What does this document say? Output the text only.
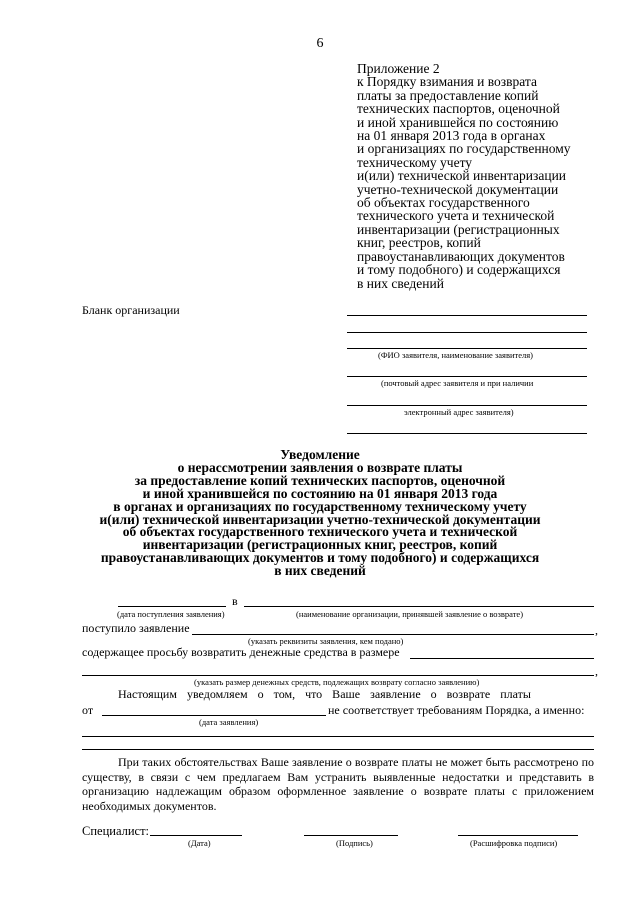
6
Приложение 2
к Порядку взимания и возврата
платы за предоставление копий
технических паспортов, оценочной
и иной хранившейся по состоянию
на 01 января 2013 года в органах
и организациях по государственному
техническому учету
и(или) технической инвентаризации
учетно-технической документации
об объектах государственного
технического учета и технической
инвентаризации (регистрационных
книг, реестров, копий
правоустанавливающих документов
и тому подобного) и содержащихся
в них сведений
Бланк организации
(ФИО заявителя, наименование заявителя)
(почтовый адрес заявителя и при наличии
электронный адрес заявителя)
Уведомление
о нерассмотрении заявления о возврате платы
за предоставление копий технических паспортов, оценочной
и иной хранившейся по состоянию на 01 января 2013 года
в органах и организациях по государственному техническому учету
и(или) технической инвентаризации учетно-технической документации
об объектах государственного технического учета и технической
инвентаризации (регистрационных книг, реестров, копий
правоустанавливающих документов и тому подобного) и содержащихся
в них сведений
в
(дата поступления заявления)	(наименование организации, принявшей заявление о возврате)
поступило заявление	,
(указать реквизиты заявления, кем подано)
содержащее просьбу возвратить денежные средства в размере
,
(указать размер денежных средств, подлежащих возврату согласно заявлению)
Настоящим уведомляем о том, что Ваше заявление о возврате платы
от	не соответствует требованиям Порядка, а именно:
(дата заявления)
При таких обстоятельствах Ваше заявление о возврате платы не может быть рассмотрено по существу, в связи с чем предлагаем Вам устранить выявленные недостатки и представить в организацию надлежащим образом оформленное заявление о возврате платы с приложением необходимых документов.
Специалист:
(Дата)	(Подпись)	(Расшифровка подписи)
